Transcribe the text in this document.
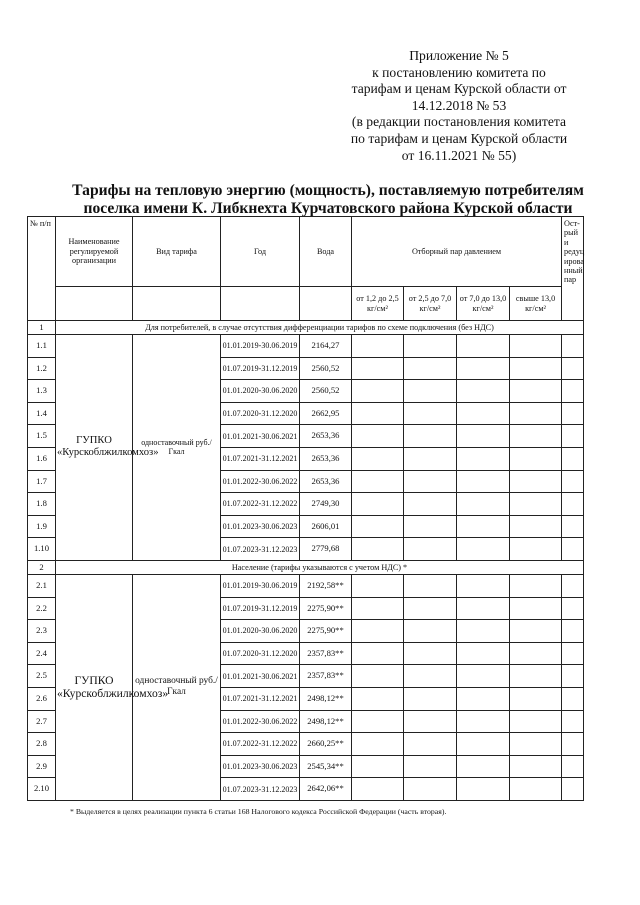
Приложение № 5
к постановлению комитета по
тарифам и ценам Курской области от
14.12.2018 № 53
(в редакции постановления комитета
по тарифам и ценам Курской области
от 16.11.2021 № 55)
Тарифы на тепловую энергию (мощность), поставляемую потребителям
поселка имени К. Либкнехта Курчатовского района Курской области
№ п/п	Наименование регулируемой организации	Вид тарифа	Год	Вода	Отборный пар давлением				Ост-рый и редуц ирова нный пар
					от 1,2 до 2,5 кг/см²	от 2,5 до 7,0 кг/см²	от 7,0 до 13,0 кг/см²	свыше 13,0 кг/см²	
1	Для потребителей, в случае отсутствия дифференциации тарифов по схеме подключения (без НДС)								
1.1	ГУПКО «Курскоблжилкомхоз»	одноставочный руб./Гкал	01.01.2019-30.06.2019	2164,27					
1.2			01.07.2019-31.12.2019	2560,52					
1.3			01.01.2020-30.06.2020	2560,52					
1.4			01.07.2020-31.12.2020	2662,95					
1.5			01.01.2021-30.06.2021	2653,36					
1.6			01.07.2021-31.12.2021	2653,36					
1.7			01.01.2022-30.06.2022	2653,36					
1.8			01.07.2022-31.12.2022	2749,30					
1.9			01.01.2023-30.06.2023	2606,01					
1.10			01.07.2023-31.12.2023	2779,68					
2	Население (тарифы указываются с учетом НДС) *								
2.1	ГУПКО «Курскоблжилкомхоз»	одноставочный руб./Гкал	01.01.2019-30.06.2019	2192,58**					
2.2			01.07.2019-31.12.2019	2275,90**					
2.3			01.01.2020-30.06.2020	2275,90**					
2.4			01.07.2020-31.12.2020	2357,83**					
2.5			01.01.2021-30.06.2021	2357,83**					
2.6			01.07.2021-31.12.2021	2498,12**					
2.7			01.01.2022-30.06.2022	2498,12**					
2.8			01.07.2022-31.12.2022	2660,25**					
2.9			01.01.2023-30.06.2023	2545,34**					
2.10			01.07.2023-31.12.2023	2642,06**					
* Выделяется в целях реализации пункта 6 статьи 168 Налогового кодекса Российской Федерации (часть вторая).
